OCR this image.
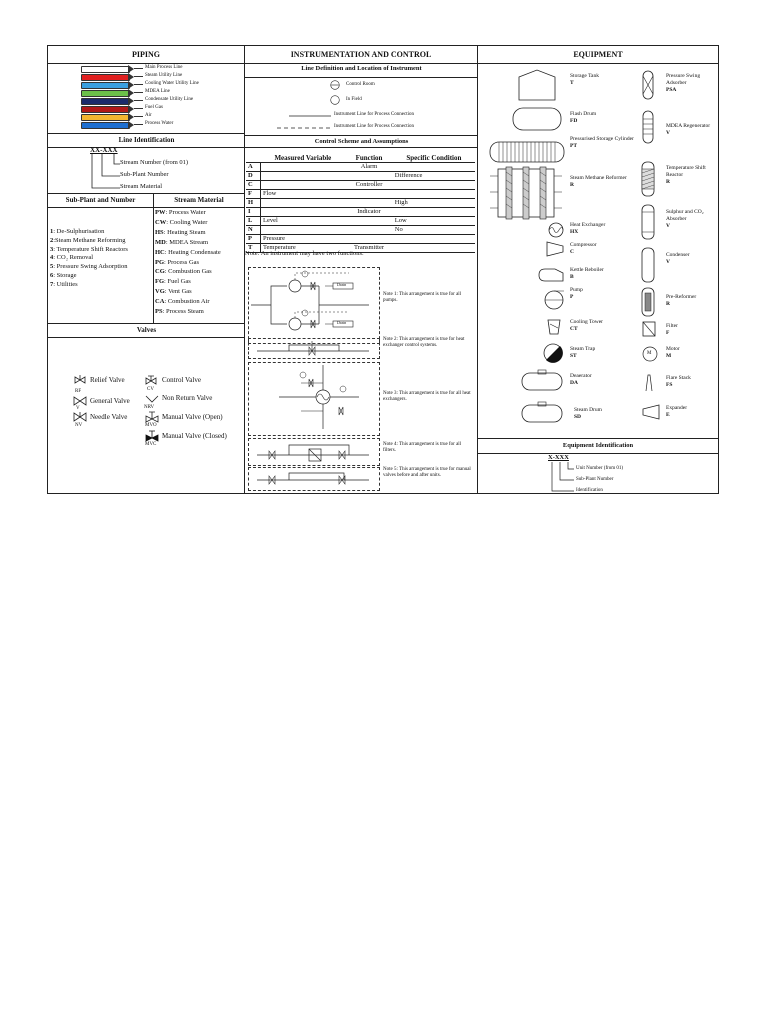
PIPING
Main Process Line
Steam Utility Line
Cooling Water Utility Line
MDEA Line
Condensate Utility Line
Fuel Gas
Air
Process Water
Line Identification
XX-XXX
Stream Number (from 01)
Sub-Plant Number
Stream Material
Sub-Plant and Number	Stream Material
1: De-Sulphurisation
2:Steam Methane Reforming
3: Temperature Shift Reactors
4: CO₂ Removal
5: Pressure Swing Adsorption
6: Storage
7: Utilities
PW: Process Water
CW: Cooling Water
HS: Heating Steam
MD: MDEA Stream
HC: Heating Condensate
PG: Process Gas
CG: Combustion Gas
FG: Fuel Gas
VG: Vent Gas
CA: Combustion Air
PS: Process Steam
Valves
Relief Valve
RF
Control Valve
CV
General Valve
V
Non Return Valve
NRV
Needle Valve
NV
Manual Valve (Open)
MVO
Manual Valve (Closed)
MVC
INSTRUMENTATION AND CONTROL
Line Definition and Location of Instrument
Control Room
In Field
Instrument Line for Process Connection
Instrument Line for Process Connection
Control Scheme and Assumptions
	Measured Variable	Function	Specific Condition
A		Alarm	
D			Difference
C		Controller	
F	Flow		
H			High
I		Indicator	
L	Level		Low
N			No
P	Pressure		
T	Temperature	Transmitter	
Note: An instrument may have two functions.
Drain
Drain
Note 1: This arrangement is true for all pumps.
Note 2: This arrangement is true for heat exchanger control systems.
Note 3: This arrangement is true for all heat exchangers.
Note 4: This arrangement is true for all filters.
Note 5: This arrangement is true for manual valves before and after units.
EQUIPMENT
Storage Tank
T
Pressure Swing Adsorber
PSA
Flash Drum
FD
MDEA Regenerator
V
Pressurised Storage Cylinder
PT
Temperature Shift Reactor
R
Steam Methane Reformer
R
Sulphur and CO₂ Absorber
V
Heat Exchanger
HX
Condenser
V
Compressor
C
Kettle Reboiler
B
Pre-Reformer
R
Pump
P
Filter
F
Cooling Tower
CT
M
Motor
M
Steam Trap
ST
Flare Stack
FS
Deaerator
DA
Expander
E
Steam Drum
SD
Equipment Identification
X-XXX
Unit Number (from 01)
Sub-Plant Number
Identification
